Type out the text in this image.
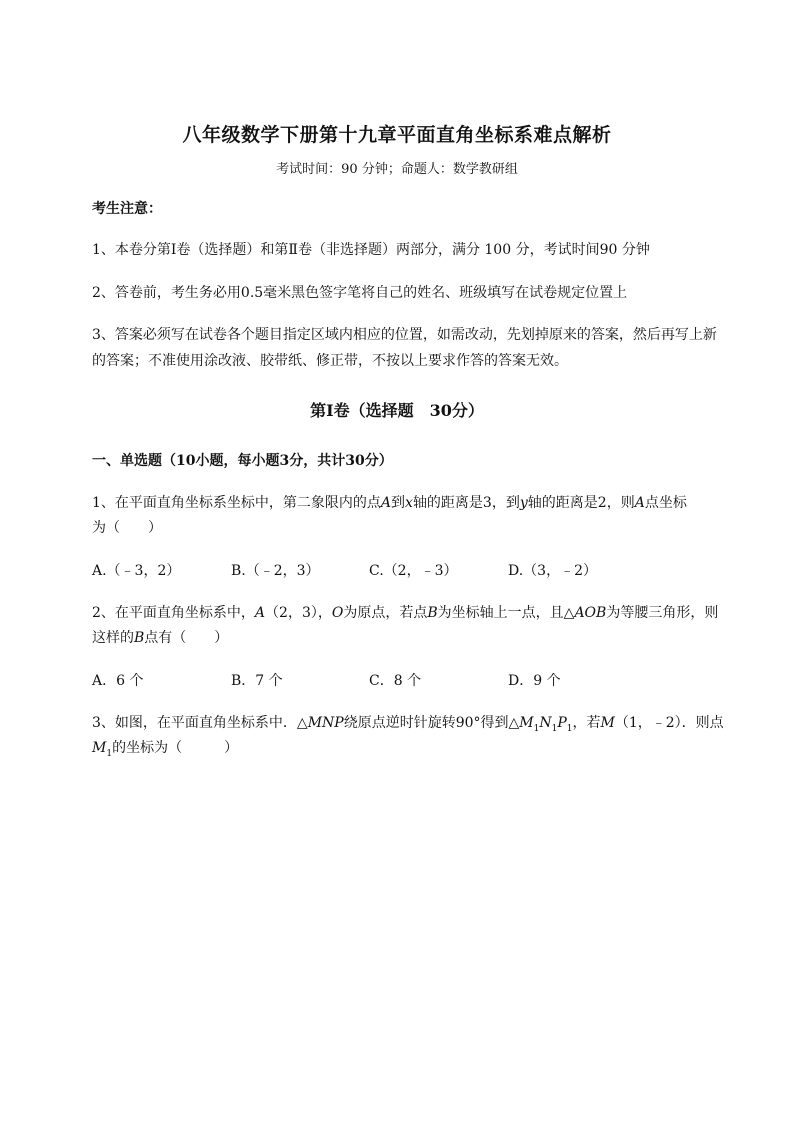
八年级数学下册第十九章平面直角坐标系难点解析
考试时间：90 分钟；命题人：数学教研组
考生注意：
1、本卷分第Ⅰ卷（选择题）和第Ⅱ卷（非选择题）两部分，满分 100 分，考试时间90 分钟
2、答卷前，考生务必用0.5毫米黑色签字笔将自己的姓名、班级填写在试卷规定位置上
3、答案必须写在试卷各个题目指定区域内相应的位置，如需改动，先划掉原来的答案，然后再写上新
的答案；不准使用涂改液、胶带纸、修正带，不按以上要求作答的答案无效。
第Ⅰ卷（选择题　30分）
一、单选题（10小题，每小题3分，共计30分）
1、在平面直角坐标系坐标中，第二象限内的点A到x轴的距离是3，到y轴的距离是2，则A点坐标
为（　　）
A.（﹣3，2）	B.（﹣2，3）	C.（2，﹣3）	D.（3，﹣2）
2、在平面直角坐标系中，A（2，3），O为原点，若点B为坐标轴上一点，且△AOB为等腰三角形，则
这样的B点有（　　）
A．6 个	B．7 个	C．8 个	D．9 个
3、如图，在平面直角坐标系中．△MNP绕原点逆时针旋转90°得到$\triangle M_1N_1P_1$，若M（1，﹣2）．则点
$M_1$的坐标为（　　　）
